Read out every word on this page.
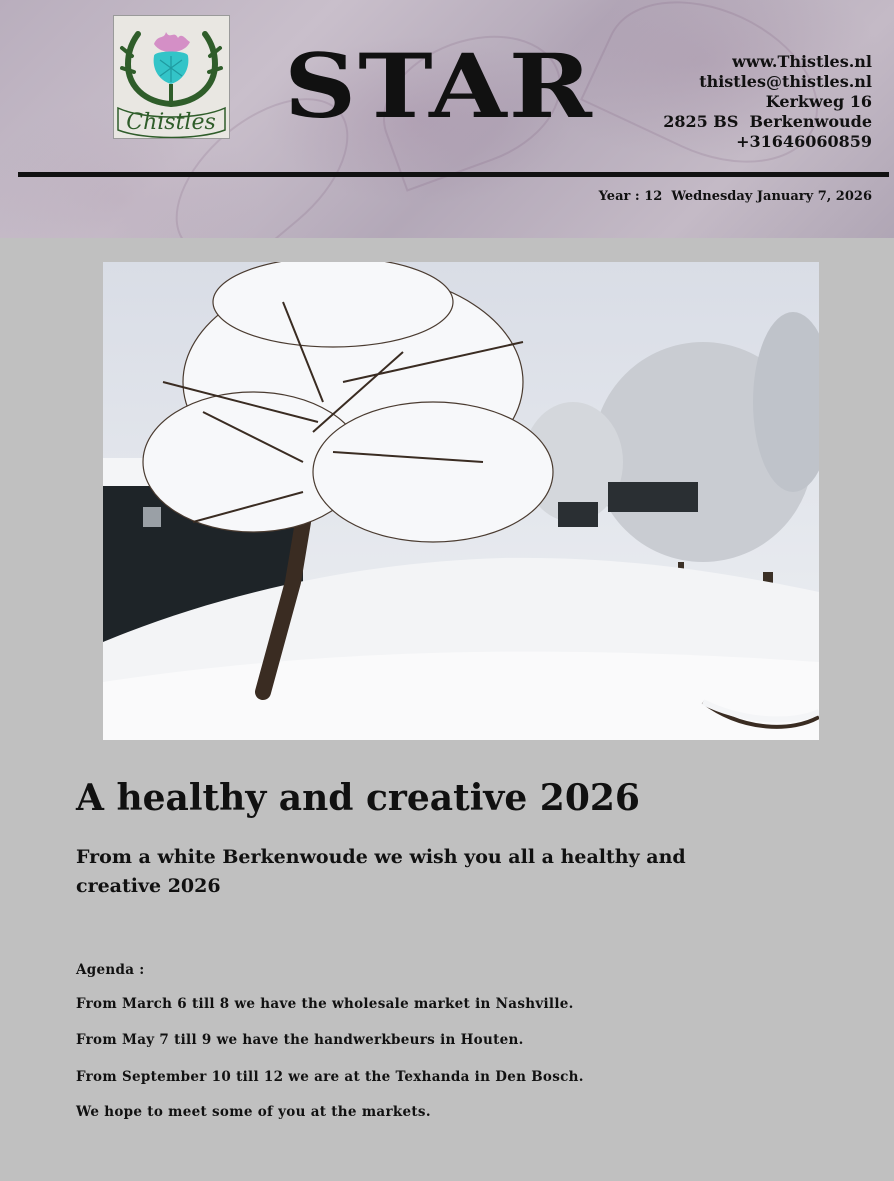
Chistles STAR	www.Thistles.nl
thistles@thistles.nl
Kerkweg 16
2825 BS  Berkenwoude
+31646060859
Year : 12  Wednesday January 7, 2026
A healthy and creative 2026

From a white Berkenwoude we wish you all a healthy and creative 2026

Agenda :
From March 6 till 8 we have the wholesale market in Nashville.
From May 7 till 9 we have the handwerkbeurs in Houten.
From September 10 till 12 we are at the Texhanda in Den Bosch.
We hope to meet some of you at the markets.
